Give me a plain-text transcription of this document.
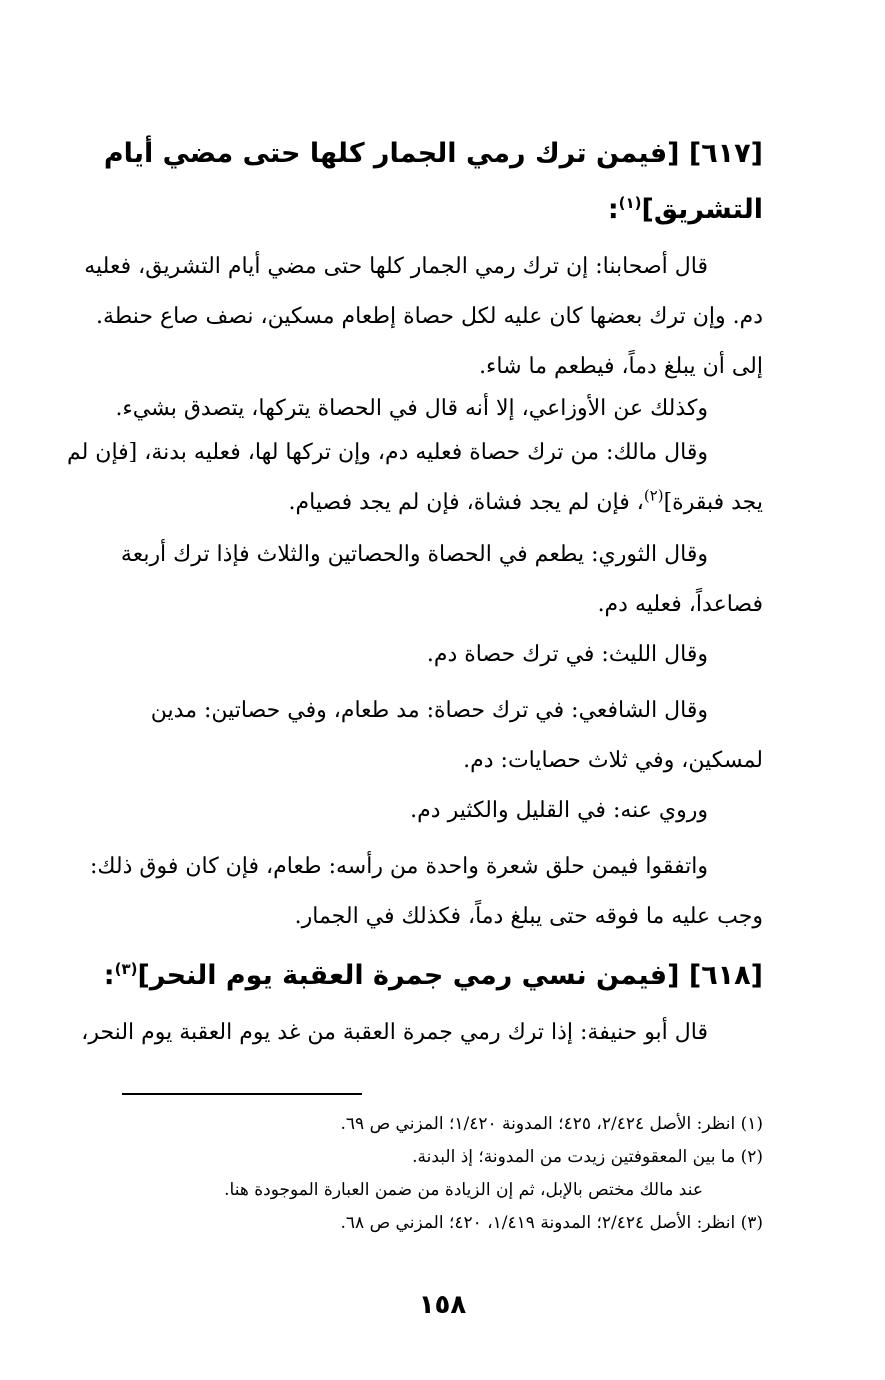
[٦١٧] [فيمن ترك رمي الجمار كلها حتى مضي أيام
التشريق]$^{(١)}$:
قال أصحابنا: إن ترك رمي الجمار كلها حتى مضي أيام التشريق، فعليه
دم. وإن ترك بعضها كان عليه لكل حصاة إطعام مسكين، نصف صاع حنطة.
إلى أن يبلغ دماً، فيطعم ما شاء.
وكذلك عن الأوزاعي، إلا أنه قال في الحصاة يتركها، يتصدق بشيء.
وقال مالك: من ترك حصاة فعليه دم، وإن تركها لها، فعليه بدنة، [فإن لم
يجد فبقرة]$^{(٢)}$، فإن لم يجد فشاة، فإن لم يجد فصيام.
وقال الثوري: يطعم في الحصاة والحصاتين والثلاث فإذا ترك أربعة
فصاعداً، فعليه دم.
وقال الليث: في ترك حصاة دم.
وقال الشافعي: في ترك حصاة: مد طعام، وفي حصاتين: مدين
لمسكين، وفي ثلاث حصايات: دم.
وروي عنه: في القليل والكثير دم.
واتفقوا فيمن حلق شعرة واحدة من رأسه: طعام، فإن كان فوق ذلك:
وجب عليه ما فوقه حتى يبلغ دماً، فكذلك في الجمار.
[٦١٨] [فيمن نسي رمي جمرة العقبة يوم النحر]$^{(٣)}$:
قال أبو حنيفة: إذا ترك رمي جمرة العقبة من غد يوم العقبة يوم النحر،
(١) انظر: الأصل ٢/٤٢٤، ٤٢٥؛ المدونة ١/٤٢٠؛ المزني ص ٦٩.
(٢) ما بين المعقوفتين زيدت من المدونة؛ إذ البدنة.
عند مالك مختص بالإبل، ثم إن الزيادة من ضمن العبارة الموجودة هنا.
(٣) انظر: الأصل ٢/٤٢٤؛ المدونة ١/٤١٩، ٤٢٠؛ المزني ص ٦٨.
١٥٨
